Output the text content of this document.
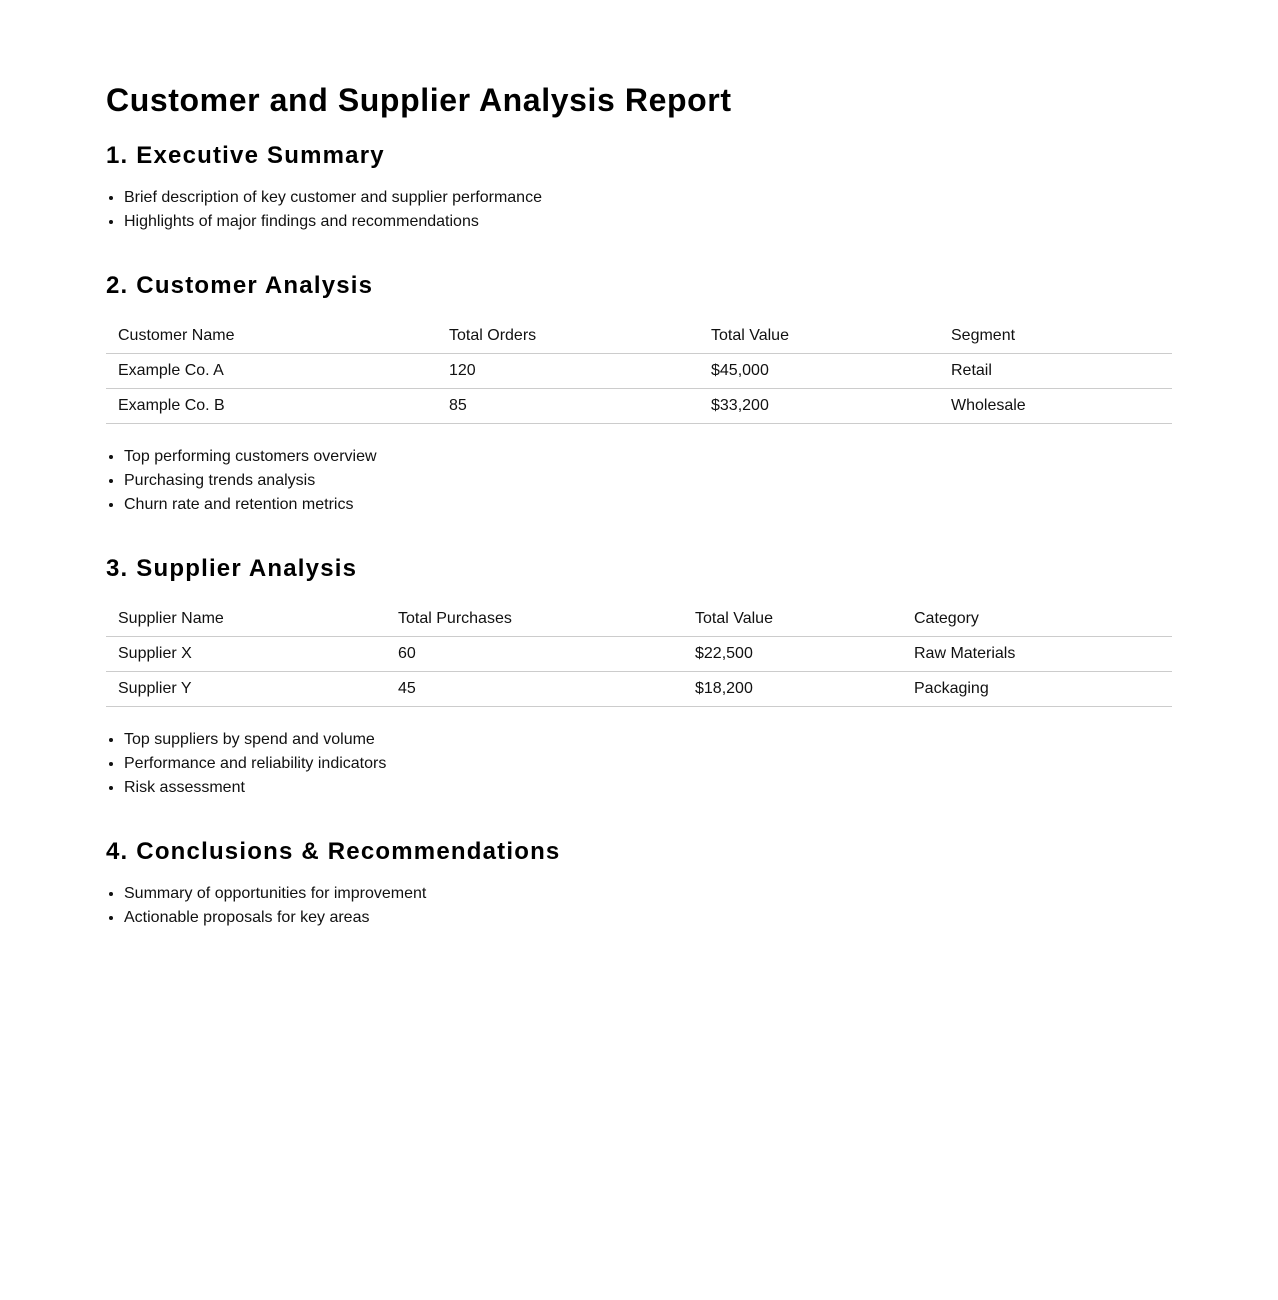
Customer and Supplier Analysis Report
1. Executive Summary
• Brief description of key customer and supplier performance
• Highlights of major findings and recommendations
2. Customer Analysis
Customer Name	Total Orders	Total Value	Segment
Example Co. A	120	$45,000	Retail
Example Co. B	85	$33,200	Wholesale
• Top performing customers overview
• Purchasing trends analysis
• Churn rate and retention metrics
3. Supplier Analysis
Supplier Name	Total Purchases	Total Value	Category
Supplier X	60	$22,500	Raw Materials
Supplier Y	45	$18,200	Packaging
• Top suppliers by spend and volume
• Performance and reliability indicators
• Risk assessment
4. Conclusions & Recommendations
• Summary of opportunities for improvement
• Actionable proposals for key areas
